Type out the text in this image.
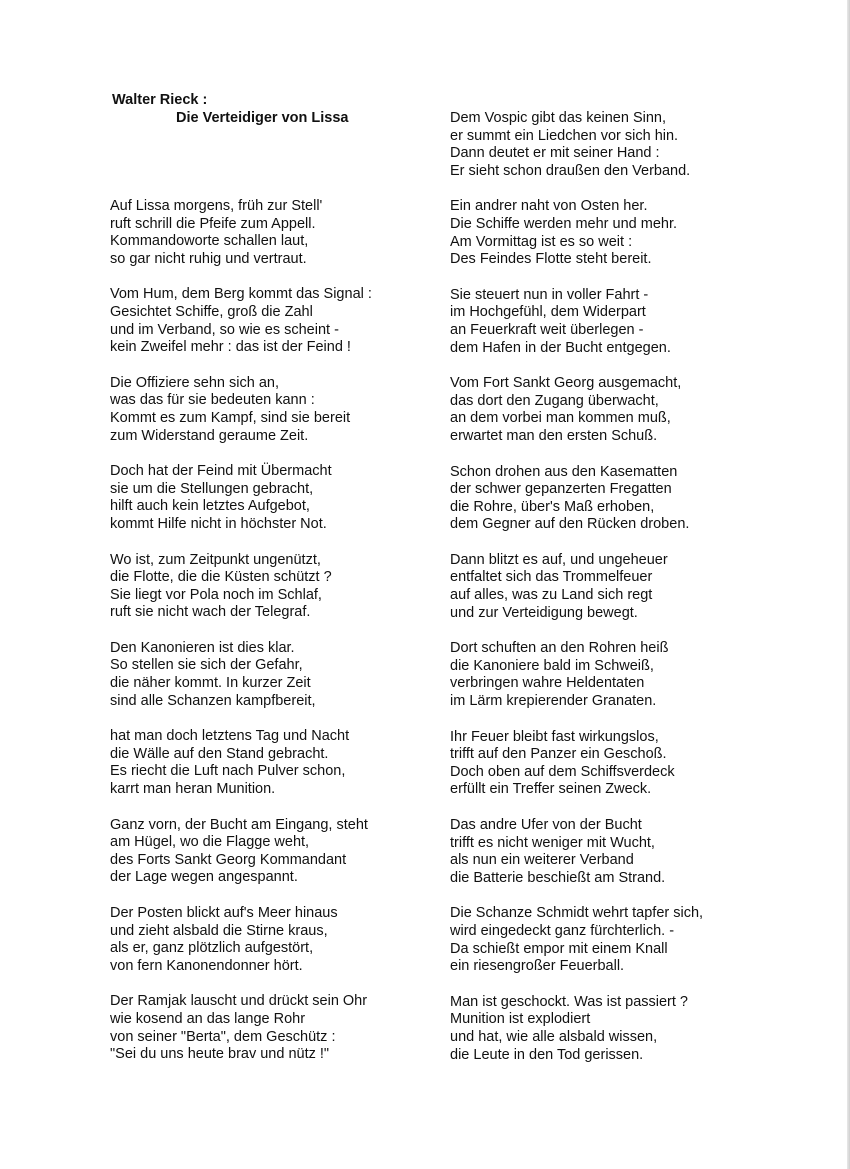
Walter Rieck :

Die Verteidiger von Lissa

Auf Lissa morgens, früh zur Stell'
ruft schrill die Pfeife zum Appell.
Kommandoworte schallen laut,
so gar nicht ruhig und vertraut.
Vom Hum, dem Berg kommt das Signal :
Gesichtet Schiffe, groß die Zahl
und im Verband, so wie es scheint -
kein Zweifel mehr : das ist der Feind !
Die Offiziere sehn sich an,
was das für sie bedeuten kann :
Kommt es zum Kampf, sind sie bereit
zum Widerstand geraume Zeit.
Doch hat der Feind mit Übermacht
sie um die Stellungen gebracht,
hilft auch kein letztes Aufgebot,
kommt Hilfe nicht in höchster Not.
Wo ist, zum Zeitpunkt ungenützt,
die Flotte, die die Küsten schützt ?
Sie liegt vor Pola noch im Schlaf,
ruft sie nicht wach der Telegraf.
Den Kanonieren ist dies klar.
So stellen sie sich der Gefahr,
die näher kommt. In kurzer Zeit
sind alle Schanzen kampfbereit,
hat man doch letztens Tag und Nacht
die Wälle auf den Stand gebracht.
Es riecht die Luft nach Pulver schon,
karrt man heran Munition.
Ganz vorn, der Bucht am Eingang, steht
am Hügel, wo die Flagge weht,
des Forts Sankt Georg Kommandant
der Lage wegen angespannt.
Der Posten blickt auf's Meer hinaus
und zieht alsbald die Stirne kraus,
als er, ganz plötzlich aufgestört,
von fern Kanonendonner hört.
Der Ramjak lauscht und drückt sein Ohr
wie kosend an das lange Rohr
von seiner "Berta", dem Geschütz :
"Sei du uns heute brav und nütz !"
Dem Vospic gibt das keinen Sinn,
er summt ein Liedchen vor sich hin.
Dann deutet er mit seiner Hand :
Er sieht schon draußen den Verband.
Ein andrer naht von Osten her.
Die Schiffe werden mehr und mehr.
Am Vormittag ist es so weit :
Des Feindes Flotte steht bereit.
Sie steuert nun in voller Fahrt -
im Hochgefühl, dem Widerpart
an Feuerkraft weit überlegen -
dem Hafen in der Bucht entgegen.
Vom Fort Sankt Georg ausgemacht,
das dort den Zugang überwacht,
an dem vorbei man kommen muß,
erwartet man den ersten Schuß.
Schon drohen aus den Kasematten
der schwer gepanzerten Fregatten
die Rohre, über's Maß erhoben,
dem Gegner auf den Rücken droben.
Dann blitzt es auf, und ungeheuer
entfaltet sich das Trommelfeuer
auf alles, was zu Land sich regt
und zur Verteidigung bewegt.
Dort schuften an den Rohren heiß
die Kanoniere bald im Schweiß,
verbringen wahre Heldentaten
im Lärm krepierender Granaten.
Ihr Feuer bleibt fast wirkungslos,
trifft auf den Panzer ein Geschoß.
Doch oben auf dem Schiffsverdeck
erfüllt ein Treffer seinen Zweck.
Das andre Ufer von der Bucht
trifft es nicht weniger mit Wucht,
als nun ein weiterer Verband
die Batterie beschießt am Strand.
Die Schanze Schmidt wehrt tapfer sich,
wird eingedeckt ganz fürchterlich. -
Da schießt empor mit einem Knall
ein riesengroßer Feuerball.
Man ist geschockt. Was ist passiert ?
Munition ist explodiert
und hat, wie alle alsbald wissen,
die Leute in den Tod gerissen.
